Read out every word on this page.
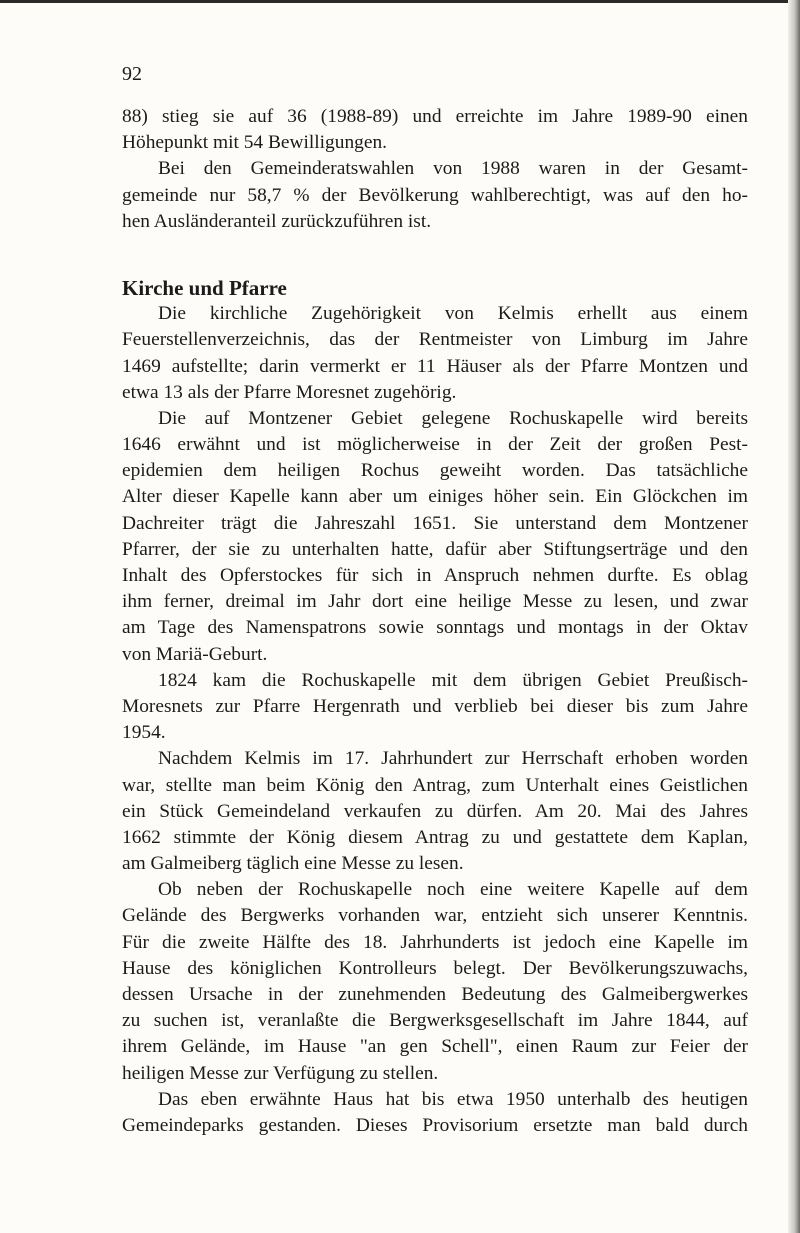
92
88) stieg sie auf 36 (1988-89) und erreichte im Jahre 1989-90 einen
Höhepunkt mit 54 Bewilligungen.
Bei den Gemeinderatswahlen von 1988 waren in der Gesamt-
gemeinde nur 58,7 % der Bevölkerung wahlberechtigt, was auf den ho-
hen Ausländeranteil zurückzuführen ist.
Kirche und Pfarre
Die kirchliche Zugehörigkeit von Kelmis erhellt aus einem
Feuerstellenverzeichnis, das der Rentmeister von Limburg im Jahre
1469 aufstellte; darin vermerkt er 11 Häuser als der Pfarre Montzen und
etwa 13 als der Pfarre Moresnet zugehörig.
Die auf Montzener Gebiet gelegene Rochuskapelle wird bereits
1646 erwähnt und ist möglicherweise in der Zeit der großen Pest-
epidemien dem heiligen Rochus geweiht worden. Das tatsächliche
Alter dieser Kapelle kann aber um einiges höher sein. Ein Glöckchen im
Dachreiter trägt die Jahreszahl 1651. Sie unterstand dem Montzener
Pfarrer, der sie zu unterhalten hatte, dafür aber Stiftungserträge und den
Inhalt des Opferstockes für sich in Anspruch nehmen durfte. Es oblag
ihm ferner, dreimal im Jahr dort eine heilige Messe zu lesen, und zwar
am Tage des Namenspatrons sowie sonntags und montags in der Oktav
von Mariä-Geburt.
1824 kam die Rochuskapelle mit dem übrigen Gebiet Preußisch-
Moresnets zur Pfarre Hergenrath und verblieb bei dieser bis zum Jahre
1954.
Nachdem Kelmis im 17. Jahrhundert zur Herrschaft erhoben worden
war, stellte man beim König den Antrag, zum Unterhalt eines Geistlichen
ein Stück Gemeindeland verkaufen zu dürfen. Am 20. Mai des Jahres
1662 stimmte der König diesem Antrag zu und gestattete dem Kaplan,
am Galmeiberg täglich eine Messe zu lesen.
Ob neben der Rochuskapelle noch eine weitere Kapelle auf dem
Gelände des Bergwerks vorhanden war, entzieht sich unserer Kenntnis.
Für die zweite Hälfte des 18. Jahrhunderts ist jedoch eine Kapelle im
Hause des königlichen Kontrolleurs belegt. Der Bevölkerungszuwachs,
dessen Ursache in der zunehmenden Bedeutung des Galmeibergwerkes
zu suchen ist, veranlaßte die Bergwerksgesellschaft im Jahre 1844, auf
ihrem Gelände, im Hause "an gen Schell", einen Raum zur Feier der
heiligen Messe zur Verfügung zu stellen.
Das eben erwähnte Haus hat bis etwa 1950 unterhalb des heutigen
Gemeindeparks gestanden. Dieses Provisorium ersetzte man bald durch
